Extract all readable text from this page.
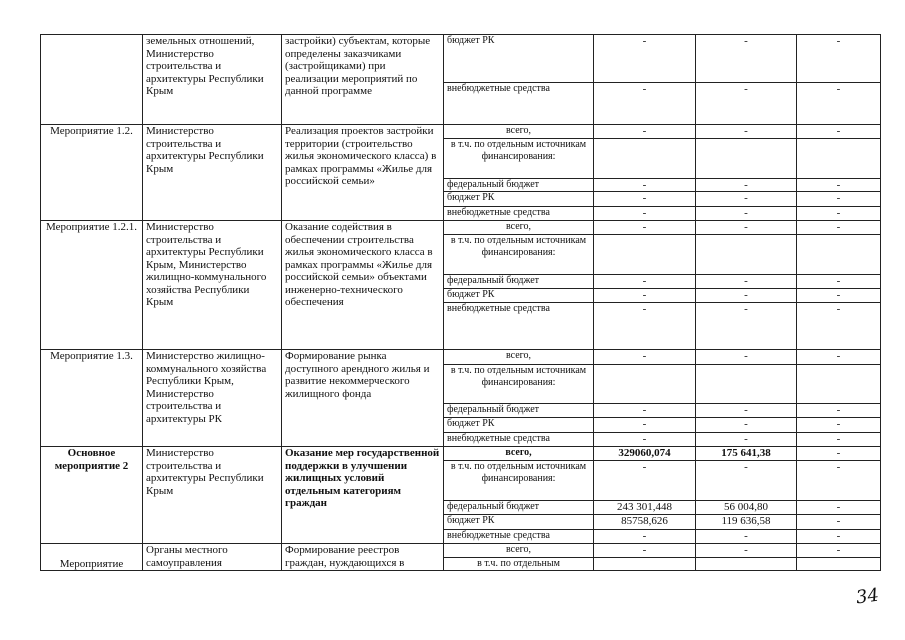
	земельных отношений, Министерство строительства и архитектуры Республики Крым	застройки) субъектам, которые определены заказчиками (застройщиками) при реализации мероприятий по данной программе	бюджет РК	-	-	-
			внебюджетные средства	-	-	-
Мероприятие 1.2.	Министерство строительства и архитектуры Республики Крым	Реализация проектов застройки территории (строительство жилья экономического класса) в рамках программы «Жилье для российской семьи»	всего,	-	-	-
			в т.ч. по отдельным источникам финансирования:			
			федеральный бюджет	-	-	-
			бюджет РК	-	-	-
			внебюджетные средства	-	-	-
Мероприятие 1.2.1.	Министерство строительства и архитектуры Республики Крым, Министерство жилищно-коммунального хозяйства Республики Крым	Оказание содействия в обеспечении строительства жилья экономического класса в рамках программы «Жилье для российской семьи» объектами инженерно-технического обеспечения	всего,	-	-	-
			в т.ч. по отдельным источникам финансирования:			
			федеральный бюджет	-	-	-
			бюджет РК	-	-	-
			внебюджетные средства	-	-	-
Мероприятие 1.3.	Министерство жилищно-коммунального хозяйства Республики Крым, Министерство строительства и архитектуры РК	Формирование рынка доступного арендного жилья и развитие некоммерческого жилищного фонда	всего,	-	-	-
			в т.ч. по отдельным источникам финансирования:			
			федеральный бюджет	-	-	-
			бюджет РК	-	-	-
			внебюджетные средства	-	-	-
Основное мероприятие 2	Министерство строительства и архитектуры Республики Крым	Оказание мер государственной поддержки в улучшении жилищных условий отдельным категориям граждан	всего,	329060,074	175 641,38	-
			в т.ч. по отдельным источникам финансирования:	-	-	-
			федеральный бюджет	243 301,448	56 004,80	-
			бюджет РК	85758,626	119 636,58	-
			внебюджетные средства	-	-	-
Мероприятие	Органы местного самоуправления	Формирование реестров граждан, нуждающихся в	всего,	-	-	-
			в т.ч. по отдельным			
34
